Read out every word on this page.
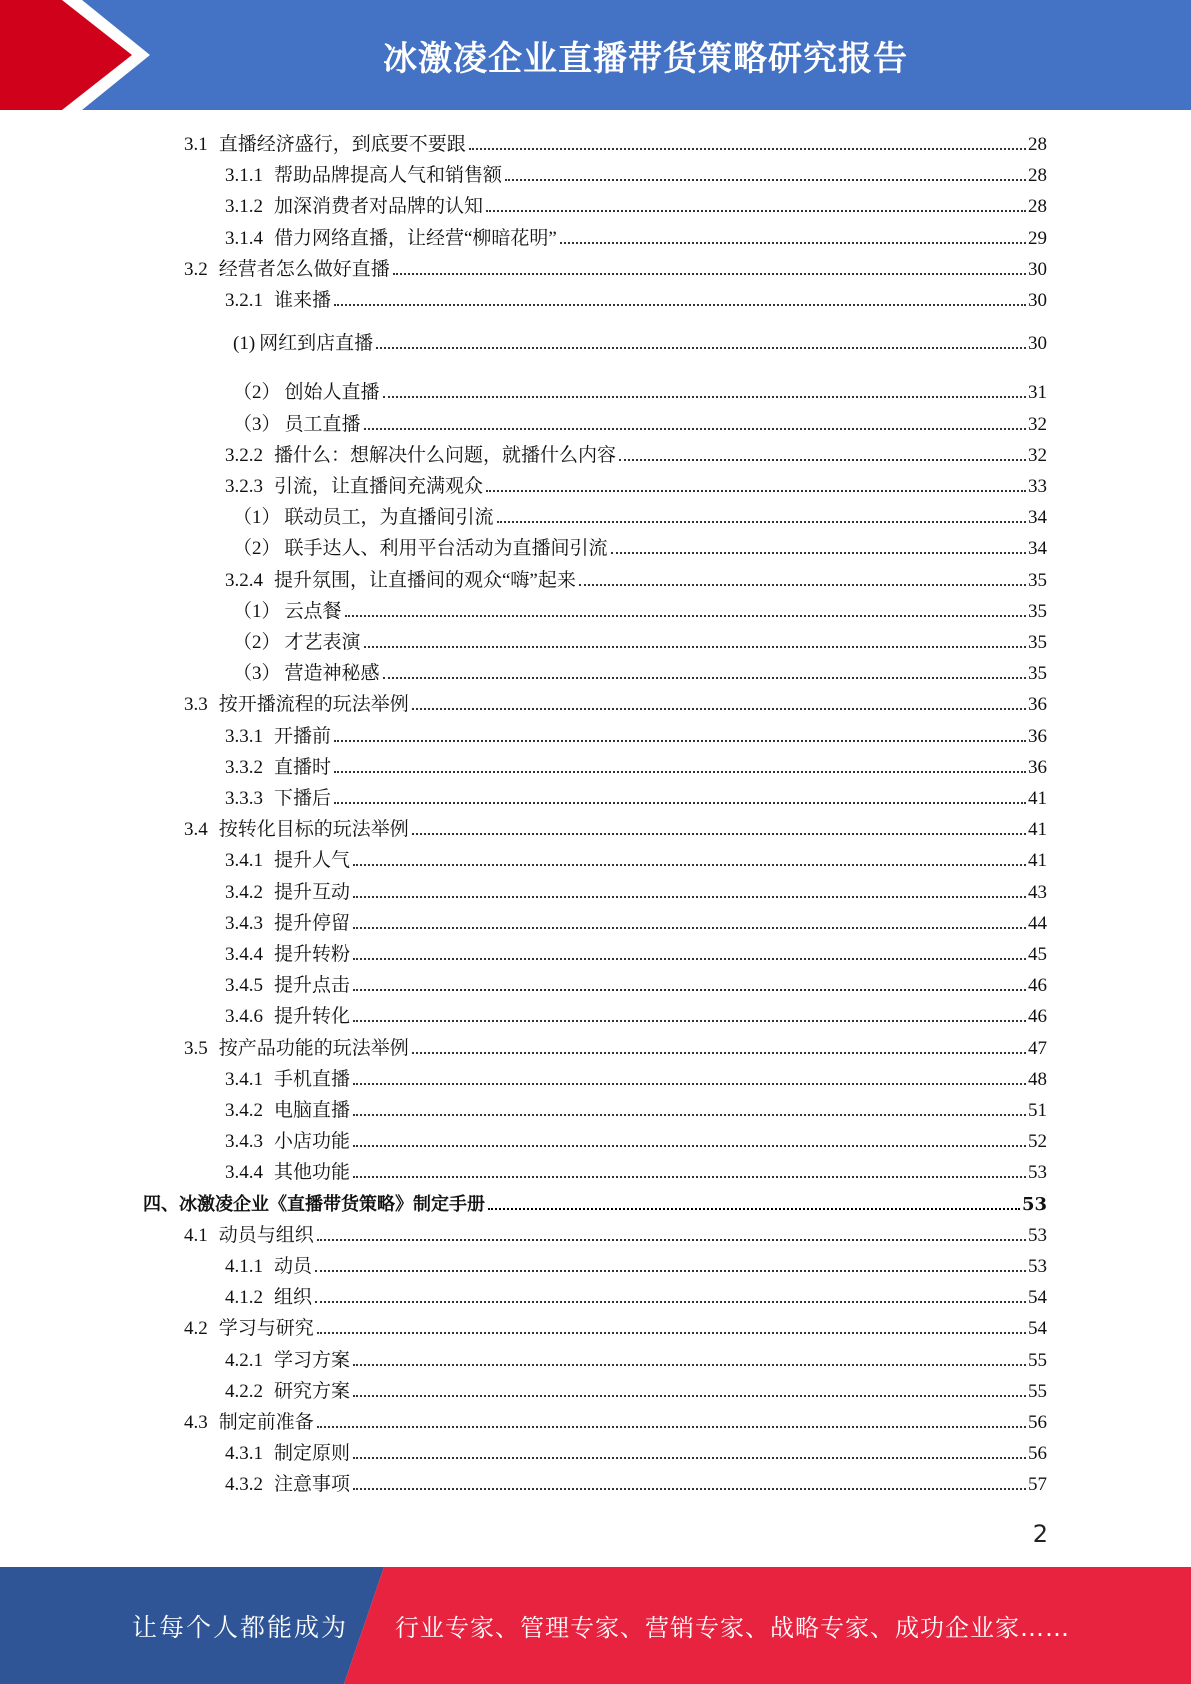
冰激凌企业直播带货策略研究报告
3.1 直播经济盛行，到底要不要跟	28
3.1.1 帮助品牌提高人气和销售额	28
3.1.2 加深消费者对品牌的认知	28
3.1.4 借力网络直播，让经营“柳暗花明”	29
3.2 经营者怎么做好直播	30
3.2.1 谁来播	30
(1) 网红到店直播	30
（2） 创始人直播	31
（3） 员工直播	32
3.2.2 播什么：想解决什么问题，就播什么内容	32
3.2.3 引流，让直播间充满观众	33
（1） 联动员工，为直播间引流	34
（2） 联手达人、利用平台活动为直播间引流	34
3.2.4 提升氛围，让直播间的观众“嗨”起来	35
（1） 云点餐	35
（2） 才艺表演	35
（3） 营造神秘感	35
3.3 按开播流程的玩法举例	36
3.3.1 开播前	36
3.3.2 直播时	36
3.3.3 下播后	41
3.4 按转化目标的玩法举例	41
3.4.1 提升人气	41
3.4.2 提升互动	43
3.4.3 提升停留	44
3.4.4 提升转粉	45
3.4.5 提升点击	46
3.4.6 提升转化	46
3.5 按产品功能的玩法举例	47
3.4.1 手机直播	48
3.4.2 电脑直播	51
3.4.3 小店功能	52
3.4.4 其他功能	53
四、冰激凌企业《直播带货策略》制定手册	53
4.1 动员与组织	53
4.1.1 动员	53
4.1.2 组织	54
4.2 学习与研究	54
4.2.1 学习方案	55
4.2.2 研究方案	55
4.3 制定前准备	56
4.3.1 制定原则	56
4.3.2 注意事项	57
2
让每个人都能成为	行业专家、管理专家、营销专家、战略专家、成功企业家……
